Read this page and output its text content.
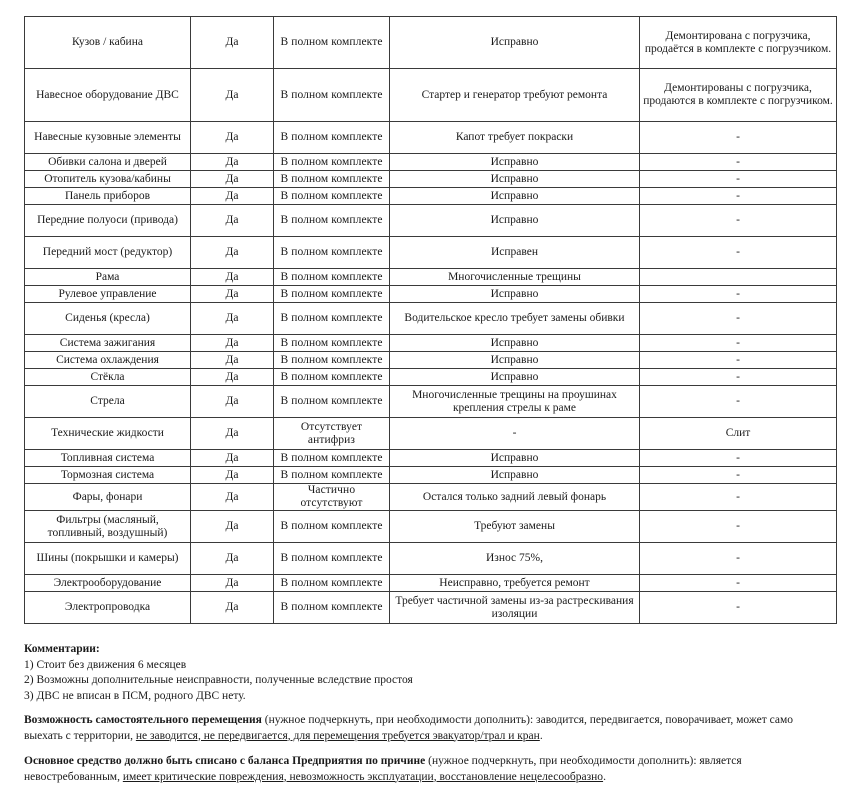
Кузов / кабина	Да	В полном комплекте	Исправно	Демонтирована с погрузчика, продаётся в комплекте с погрузчиком.
Навесное оборудование ДВС	Да	В полном комплекте	Стартер и генератор требуют ремонта	Демонтированы с погрузчика, продаются в комплекте с погрузчиком.
Навесные кузовные элементы	Да	В полном комплекте	Капот требует покраски	-
Обивки салона и дверей	Да	В полном комплекте	Исправно	-
Отопитель кузова/кабины	Да	В полном комплекте	Исправно	-
Панель приборов	Да	В полном комплекте	Исправно	-
Передние полуоси (привода)	Да	В полном комплекте	Исправно	-
Передний мост (редуктор)	Да	В полном комплекте	Исправен	-
Рама	Да	В полном комплекте	Многочисленные трещины	
Рулевое управление	Да	В полном комплекте	Исправно	-
Сиденья (кресла)	Да	В полном комплекте	Водительское кресло требует замены обивки	-
Система зажигания	Да	В полном комплекте	Исправно	-
Система охлаждения	Да	В полном комплекте	Исправно	-
Стёкла	Да	В полном комплекте	Исправно	-
Стрела	Да	В полном комплекте	Многочисленные трещины на проушинах крепления стрелы к раме	-
Технические жидкости	Да	Отсутствует антифриз	-	Слит
Топливная система	Да	В полном комплекте	Исправно	-
Тормозная система	Да	В полном комплекте	Исправно	-
Фары, фонари	Да	Частично отсутствуют	Остался только задний левый фонарь	-
Фильтры (масляный, топливный, воздушный)	Да	В полном комплекте	Требуют замены	-
Шины (покрышки и камеры)	Да	В полном комплекте	Износ 75%,	-
Электрооборудование	Да	В полном комплекте	Неисправно, требуется ремонт	-
Электропроводка	Да	В полном комплекте	Требует частичной замены из-за растрескивания изоляции	-
Комментарии:
1) Стоит без движения 6 месяцев
2) Возможны дополнительные неисправности, полученные вследствие простоя
3) ДВС не вписан в ПСМ, родного ДВС нету.
Возможность самостоятельного перемещения (нужное подчеркнуть, при необходимости дополнить): заводится, передвигается, поворачивает, может само выехать с территории, не заводится, не передвигается, для перемещения требуется эвакуатор/трал и кран.
Основное средство должно быть списано с баланса Предприятия по причине (нужное подчеркнуть, при необходимости дополнить): является невостребованным, имеет критические повреждения, невозможность эксплуатации, восстановление нецелесообразно.
